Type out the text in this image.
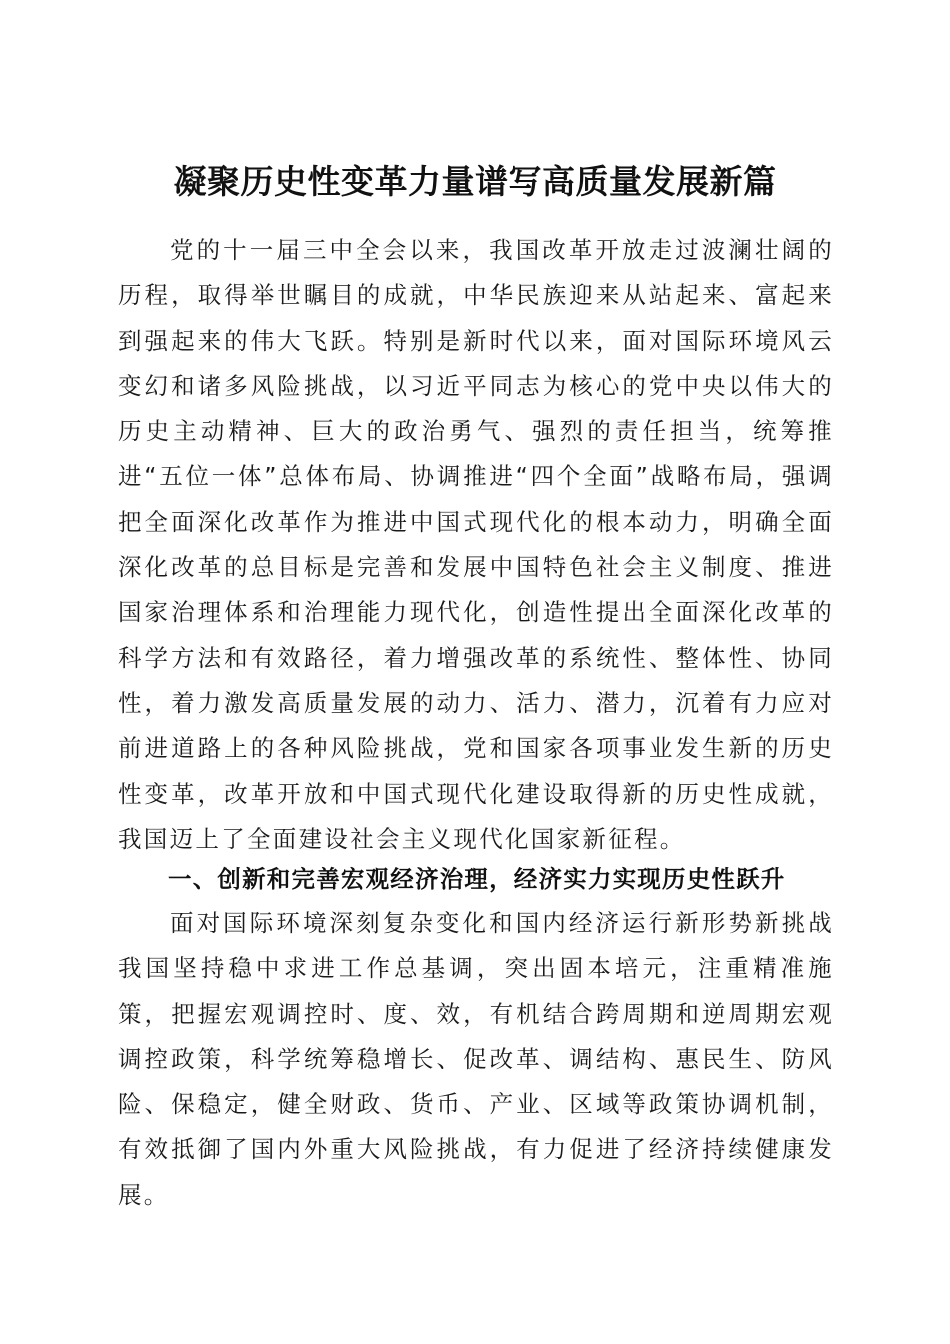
凝聚历史性变革力量谱写高质量发展新篇

党的十一届三中全会以来，我国改革开放走过波澜壮阔的历程，取得举世瞩目的成就，中华民族迎来从站起来、富起来到强起来的伟大飞跃。特别是新时代以来，面对国际环境风云变幻和诸多风险挑战，以习近平同志为核心的党中央以伟大的历史主动精神、巨大的政治勇气、强烈的责任担当，统筹推进“五位一体”总体布局、协调推进“四个全面”战略布局，强调把全面深化改革作为推进中国式现代化的根本动力，明确全面深化改革的总目标是完善和发展中国特色社会主义制度、推进国家治理体系和治理能力现代化，创造性提出全面深化改革的科学方法和有效路径，着力增强改革的系统性、整体性、协同性，着力激发高质量发展的动力、活力、潜力，沉着有力应对前进道路上的各种风险挑战，党和国家各项事业发生新的历史性变革，改革开放和中国式现代化建设取得新的历史性成就，我国迈上了全面建设社会主义现代化国家新征程。

一、创新和完善宏观经济治理，经济实力实现历史性跃升

面对国际环境深刻复杂变化和国内经济运行新形势新挑战我国坚持稳中求进工作总基调，突出固本培元，注重精准施策，把握宏观调控时、度、效，有机结合跨周期和逆周期宏观调控政策，科学统筹稳增长、促改革、调结构、惠民生、防风险、保稳定，健全财政、货币、产业、区域等政策协调机制，有效抵御了国内外重大风险挑战，有力促进了经济持续健康发展。
